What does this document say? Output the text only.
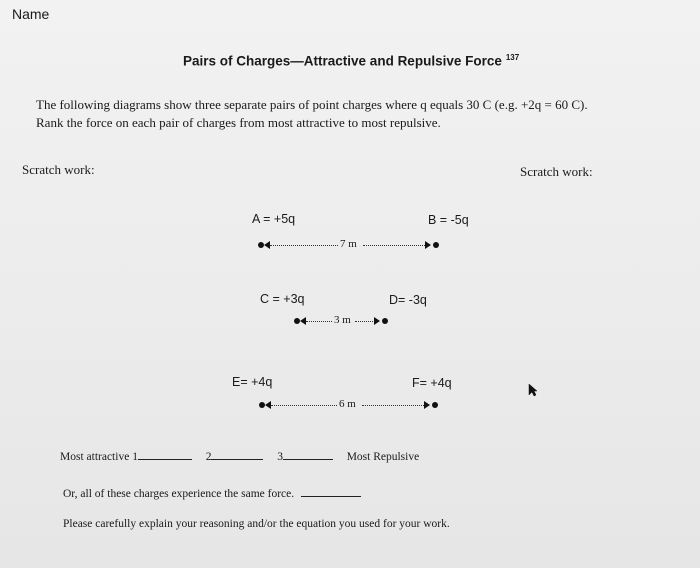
Name
Pairs of Charges—Attractive and Repulsive Force $^{137}$
The following diagrams show three separate pairs of point charges where q equals 30 C (e.g. +2q = 60 C).
Rank the force on each pair of charges from most attractive to most repulsive.
Scratch work:	Scratch work:
A = +5q	B = -5q
7 m
C = +3q	D= -3q
3 m
E= +4q	F= +4q
6 m
Most attractive 1	2	3	Most Repulsive
Or, all of these charges experience the same force.
Please carefully explain your reasoning and/or the equation you used for your work.
